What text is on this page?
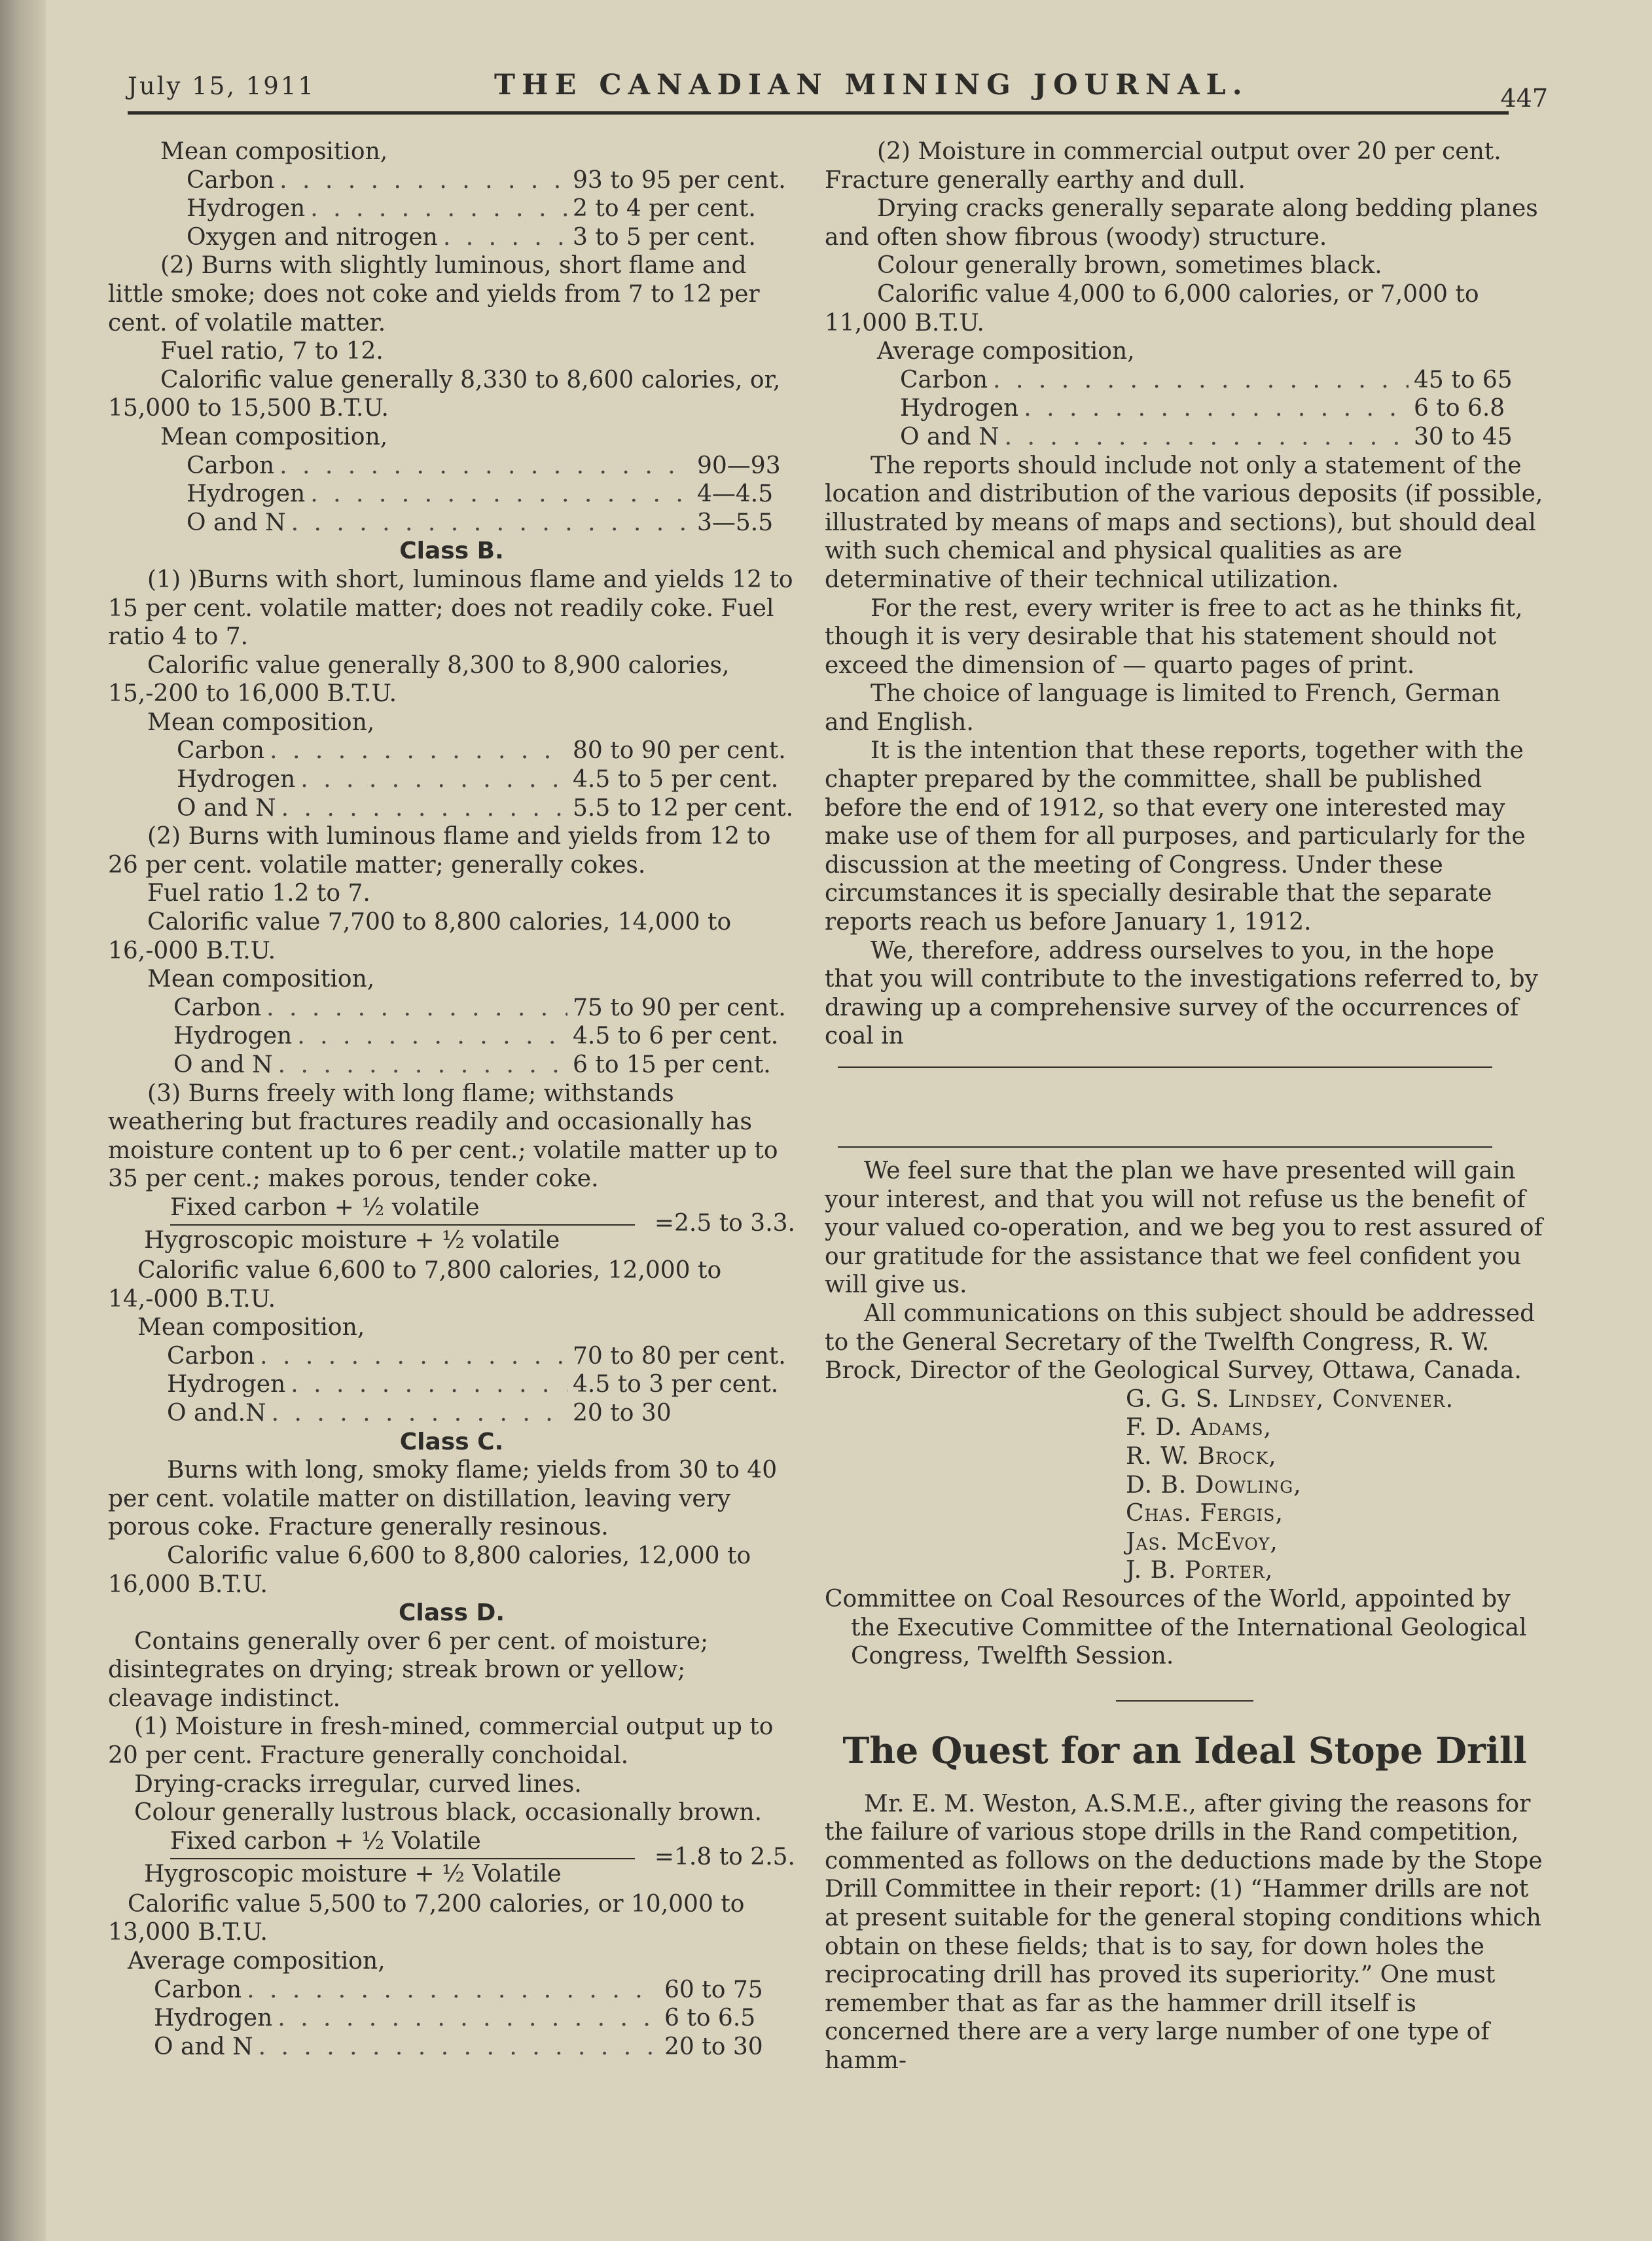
July 15, 1911	THE CANADIAN MINING JOURNAL.	447

Mean composition,

Carbon . . .	93 to 95 per cent.
Hydrogen . . .	2 to 4 per cent.
Oxygen and nitrogen . . .	3 to 5 per cent.

(2) Burns with slightly luminous, short flame and little smoke; does not coke and yields from 7 to 12 per cent. of volatile matter.

Fuel ratio, 7 to 12.

Calorific value generally 8,330 to 8,600 calories, or, 15,000 to 15,500 B.T.U.

Mean composition,

Carbon . . .	90—93
Hydrogen . . .	4—4.5
O and N . . .	3—5.5

Class B.

(1) )Burns with short, luminous flame and yields 12 to 15 per cent. volatile matter; does not readily coke. Fuel ratio 4 to 7.

Calorific value generally 8,300 to 8,900 calories, 15,-200 to 16,000 B.T.U.

Mean composition,

Carbon . . .	80 to 90 per cent.
Hydrogen . . .	4.5 to 5 per cent.
O and N . . .	5.5 to 12 per cent.

(2) Burns with luminous flame and yields from 12 to 26 per cent. volatile matter; generally cokes.

Fuel ratio 1.2 to 7.

Calorific value 7,700 to 8,800 calories, 14,000 to 16,-000 B.T.U.

Mean composition,

Carbon . . .	75 to 90 per cent.
Hydrogen . . .	4.5 to 6 per cent.
O and N . . .	6 to 15 per cent.

(3) Burns freely with long flame; withstands weathering but fractures readily and occasionally has moisture content up to 6 per cent.; volatile matter up to 35 per cent.; makes porous, tender coke.

Fixed carbon + ½ volatile
Hygroscopic moisture + ½ volatile
=2.5 to 3.3.

Calorific value 6,600 to 7,800 calories, 12,000 to 14,-000 B.T.U.

Mean composition,

Carbon . . .	70 to 80 per cent.
Hydrogen . . .	4.5 to 3 per cent.
O and.N . . .	20 to 30

Class C.

Burns with long, smoky flame; yields from 30 to 40 per cent. volatile matter on distillation, leaving very porous coke. Fracture generally resinous.

Calorific value 6,600 to 8,800 calories, 12,000 to 16,000 B.T.U.

Class D.

Contains generally over 6 per cent. of moisture; disintegrates on drying; streak brown or yellow; cleavage indistinct.

(1) Moisture in fresh-mined, commercial output up to 20 per cent. Fracture generally conchoidal.

Drying-cracks irregular, curved lines.

Colour generally lustrous black, occasionally brown.

Fixed carbon + ½ Volatile
Hygroscopic moisture + ½ Volatile
=1.8 to 2.5.

Calorific value 5,500 to 7,200 calories, or 10,000 to 13,000 B.T.U.

Average composition,

Carbon . . .	60 to 75
Hydrogen . . .	6 to 6.5
O and N . . .	20 to 30

(2) Moisture in commercial output over 20 per cent. Fracture generally earthy and dull.

Drying cracks generally separate along bedding planes and often show fibrous (woody) structure.

Colour generally brown, sometimes black.

Calorific value 4,000 to 6,000 calories, or 7,000 to 11,000 B.T.U.

Average composition,

Carbon . . .	45 to 65
Hydrogen . . .	6 to 6.8
O and N . . .	30 to 45

The reports should include not only a statement of the location and distribution of the various deposits (if possible, illustrated by means of maps and sections), but should deal with such chemical and physical qualities as are determinative of their technical utilization.

For the rest, every writer is free to act as he thinks fit, though it is very desirable that his statement should not exceed the dimension of — quarto pages of print.

The choice of language is limited to French, German and English.

It is the intention that these reports, together with the chapter prepared by the committee, shall be published before the end of 1912, so that every one interested may make use of them for all purposes, and particularly for the discussion at the meeting of Congress. Under these circumstances it is specially desirable that the separate reports reach us before January 1, 1912.

We, therefore, address ourselves to you, in the hope that you will contribute to the investigations referred to, by drawing up a comprehensive survey of the occurrences of coal in

We feel sure that the plan we have presented will gain your interest, and that you will not refuse us the benefit of your valued co-operation, and we beg you to rest assured of our gratitude for the assistance that we feel confident you will give us.

All communications on this subject should be addressed to the General Secretary of the Twelfth Congress, R. W. Brock, Director of the Geological Survey, Ottawa, Canada.

G. G. S. Lindsey, Convener.

F. D. Adams,

R. W. Brock,

D. B. Dowling,

Chas. Fergis,

Jas. McEvoy,

J. B. Porter,

Committee on Coal Resources of the World, appointed by the Executive Committee of the International Geological Congress, Twelfth Session.

The Quest for an Ideal Stope Drill

Mr. E. M. Weston, A.S.M.E., after giving the reasons for the failure of various stope drills in the Rand competition, commented as follows on the deductions made by the Stope Drill Committee in their report: (1) “Hammer drills are not at present suitable for the general stoping conditions which obtain on these fields; that is to say, for down holes the reciprocating drill has proved its superiority.” One must remember that as far as the hammer drill itself is concerned there are a very large number of one type of hamm-
